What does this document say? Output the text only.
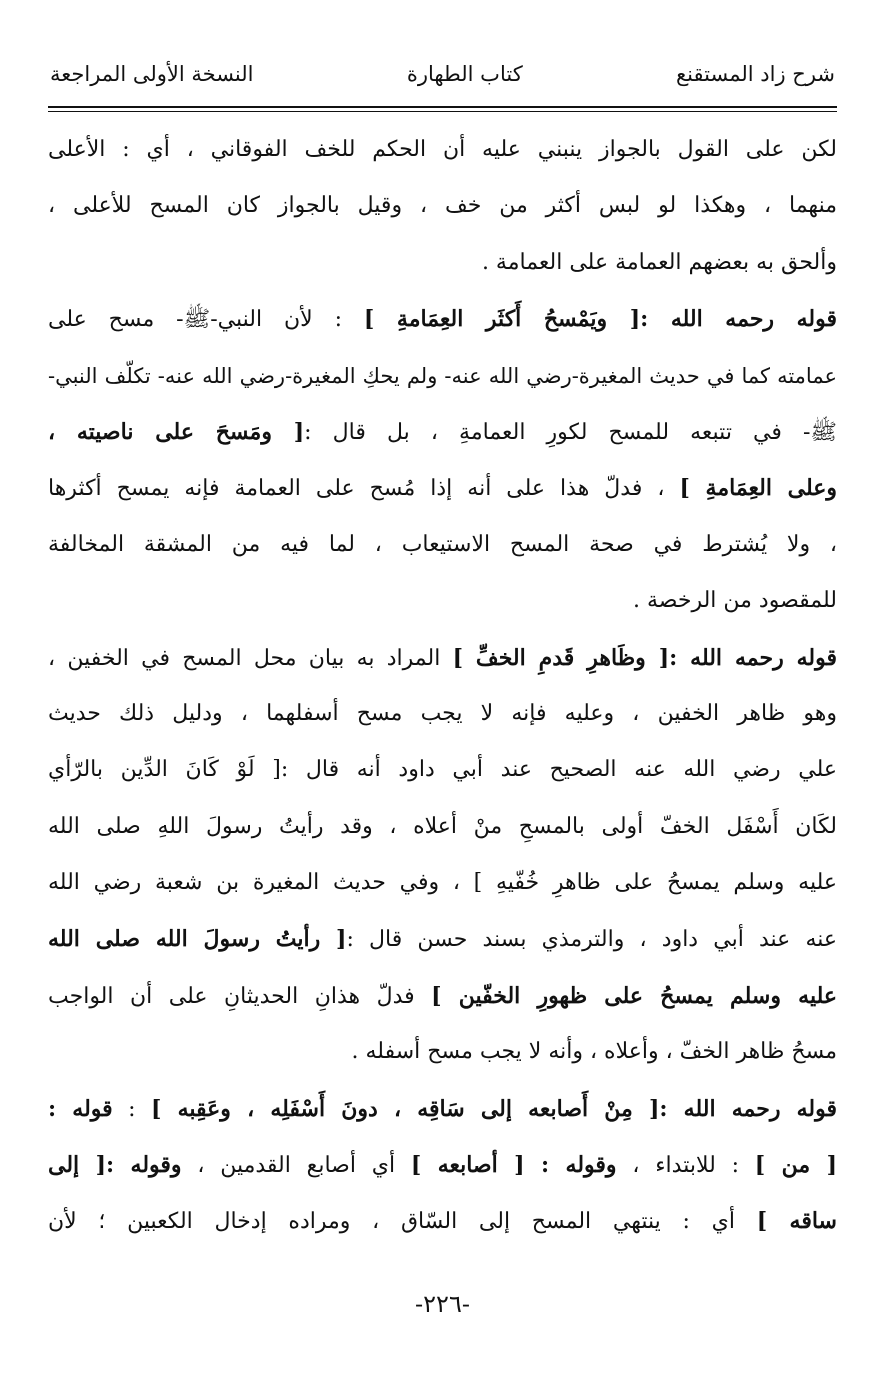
شرح زاد المستقنع
كتاب الطهارة
النسخة الأولى المراجعة
لكن على القول بالجواز ينبني عليه أن الحكم للخف الفوقاني ، أي : الأعلى
منهما ، وهكذا لو لبس أكثر من خف ، وقيل بالجواز كان المسح للأعلى ،
وألحق به بعضهم العمامة على العمامة .
قوله رحمه الله :[ ويَمْسحُ أَكثَر العِمَامةِ ] : لأن النبي-ﷺ- مسح على
عمامته كما في حديث المغيرة-رضي الله عنه- ولم يحكِ المغيرة-رضي الله عنه- تكلّف النبي-
ﷺ- في تتبعه للمسح لكورِ العمامةِ ، بل قال :[ ومَسحَ على ناصيته ،
وعلى العِمَامةِ ] ، فدلّ هذا على أنه إذا مُسح على العمامة فإنه يمسح أكثرها
، ولا يُشترط في صحة المسح الاستيعاب ، لما فيه من المشقة المخالفة
للمقصود من الرخصة .
قوله رحمه الله :[ وظَاهرِ قَدمِ الخفِّ ] المراد به بيان محل المسح في الخفين ،
وهو ظاهر الخفين ، وعليه فإنه لا يجب مسح أسفلهما ، ودليل ذلك حديث
علي رضي الله عنه الصحيح عند أبي داود أنه قال :[ لَوْ كَانَ الدِّين بالرّأي
لكَان أَسْفَل الخفّ أولى بالمسحِ منْ أعلاه ، وقد رأيتُ رسولَ اللهِ صلى الله
عليه وسلم يمسحُ على ظاهرِ خُفّيهِ ] ، وفي حديث المغيرة بن شعبة رضي الله
عنه عند أبي داود ، والترمذي بسند حسن قال :[ رأيتُ رسولَ الله صلى الله
عليه وسلم يمسحُ على ظهورِ الخفّين ] فدلّ هذانِ الحديثانِ على أن الواجب
مسحُ ظاهر الخفّ ، وأعلاه ، وأنه لا يجب مسح أسفله .
قوله رحمه الله :[ مِنْ أَصابعه إلى سَاقِه ، دونَ أَسْفَلِه ، وعَقِبه ] : قوله :
[ من ] : للابتداء ، وقوله : [ أصابعه ] أي أصابع القدمين ، وقوله :[ إلى
ساقه ] أي : ينتهي المسح إلى السّاق ، ومراده إدخال الكعبين ؛ لأن
-٢٢٦-
